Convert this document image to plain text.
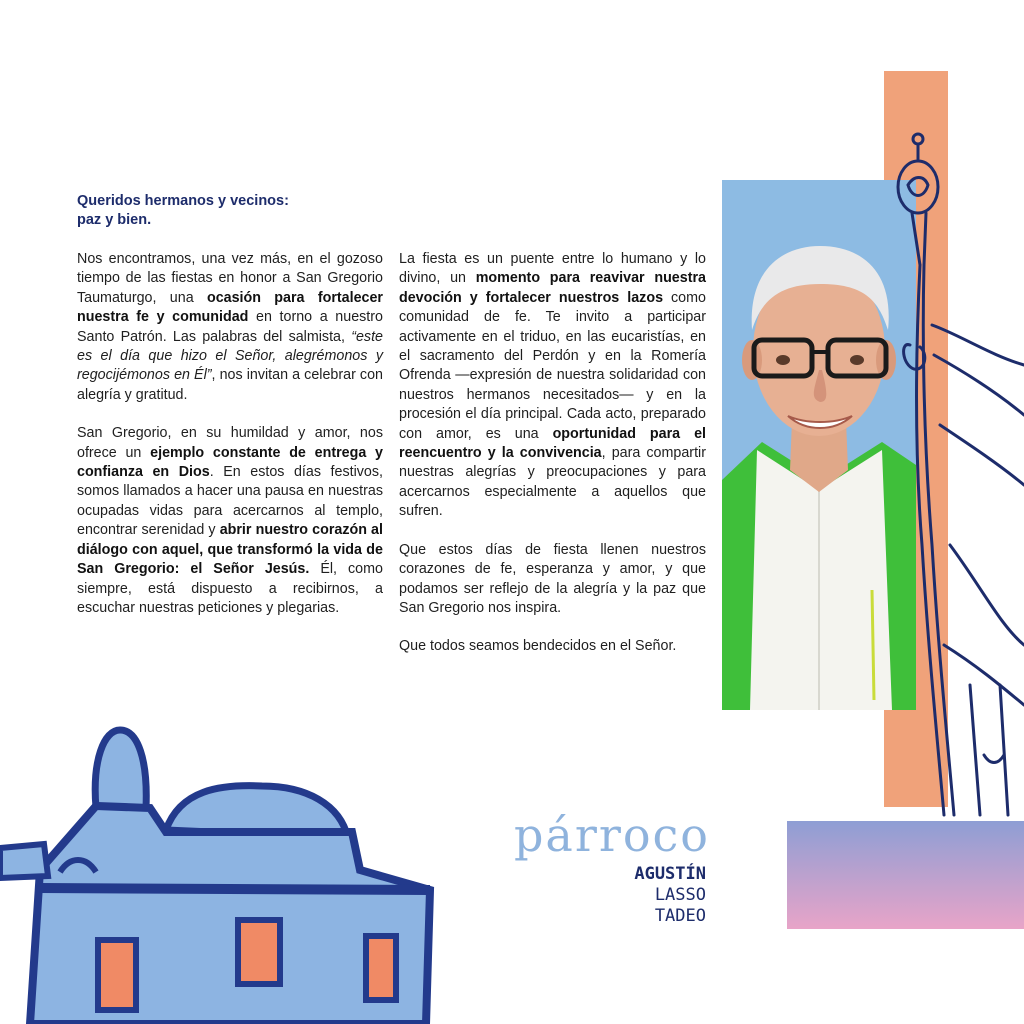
Queridos hermanos y vecinos:
paz y bien.

Nos encontramos, una vez más, en el gozoso tiempo de las fiestas en honor a San Gregorio Taumaturgo, una ocasión para fortalecer nuestra fe y comunidad en torno a nuestro Santo Patrón. Las palabras del salmista, “este es el día que hizo el Señor, alegrémonos y regocijémonos en Él”, nos invitan a celebrar con alegría y gratitud.

San Gregorio, en su humildad y amor, nos ofrece un ejemplo constante de entrega y confianza en Dios. En estos días festivos, somos llamados a hacer una pausa en nuestras ocupadas vidas para acercarnos al templo, encontrar serenidad y abrir nuestro corazón al diálogo con aquel, que transformó la vida de San Gregorio: el Señor Jesús. Él, como siempre, está dispuesto a recibirnos, a escuchar nuestras peticiones y plegarias.

La fiesta es un puente entre lo humano y lo divino, un momento para reavivar nuestra devoción y fortalecer nuestros lazos como comunidad de fe. Te invito a participar activamente en el triduo, en las eucaristías, en el sacramento del Perdón y en la Romería Ofrenda —expresión de nuestra solidaridad con nuestros hermanos necesitados— y en la procesión el día principal. Cada acto, preparado con amor, es una oportunidad para el reencuentro y la convivencia, para compartir nuestras alegrías y preocupaciones y para acercarnos especialmente a aquellos que sufren.

Que estos días de fiesta llenen nuestros corazones de fe, esperanza y amor, y que podamos ser reflejo de la alegría y la paz que San Gregorio nos inspira.

Que todos seamos bendecidos en el Señor.

párroco
AGUSTÍN
LASSO
TADEO
